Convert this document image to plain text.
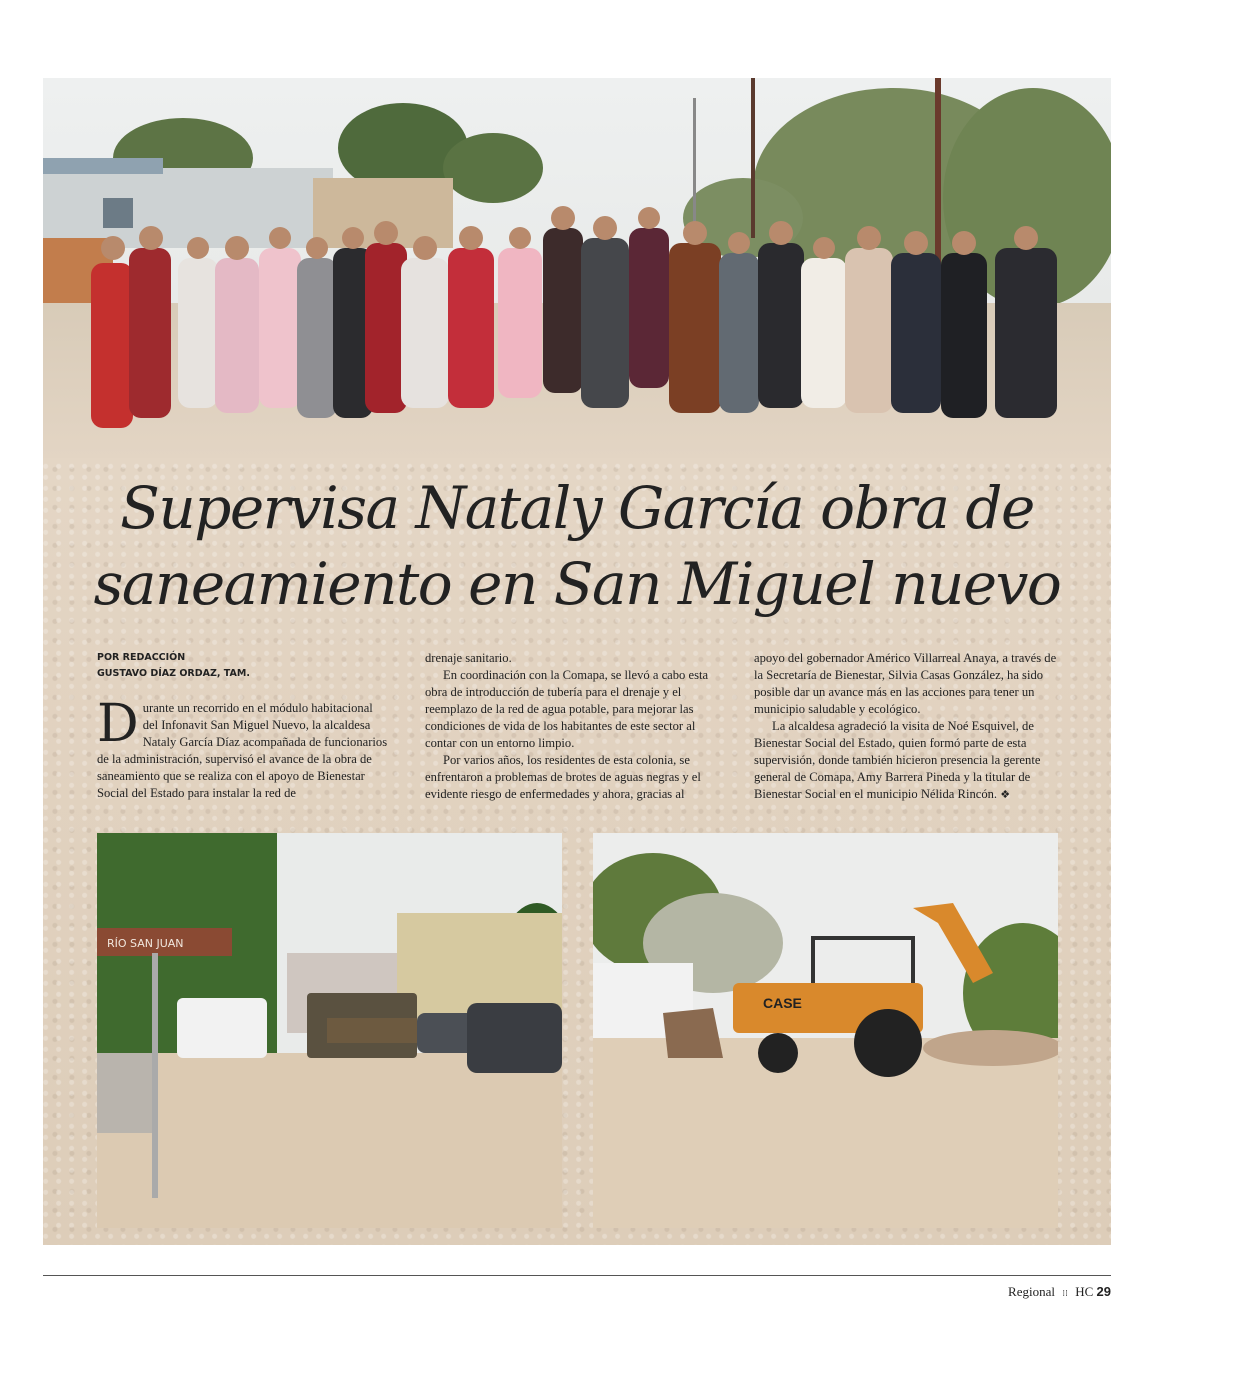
Supervisa Nataly García obra de
saneamiento en San Miguel nuevo
POR REDACCIÓN
GUSTAVO DÍAZ ORDAZ, TAM.
D urante un recorrido en el módulo habitacional del Infonavit San Miguel Nuevo, la alcaldesa Nataly García Díaz acompañada de funcionarios de la administración, supervisó el avance de la obra de saneamiento que se realiza con el apoyo de Bienestar Social del Estado para instalar la red de

drenaje sanitario.

En coordinación con la Comapa, se llevó a cabo esta obra de introducción de tubería para el drenaje y el reemplazo de la red de agua potable, para mejorar las condiciones de vida de los habitantes de este sector al contar con un entorno limpio.

Por varios años, los residentes de esta colonia, se enfrentaron a problemas de brotes de aguas negras y el evidente riesgo de enfermedades y ahora, gracias al

apoyo del gobernador Américo Villarreal Anaya, a través de la Secretaría de Bienestar, Silvia Casas González, ha sido posible dar un avance más en las acciones para tener un municipio saludable y ecológico.

La alcaldesa agradeció la visita de Noé Esquivel, de Bienestar Social del Estado, quien formó parte de esta supervisión, donde también hicieron presencia la gerente general de Comapa, Amy Barrera Pineda y la titular de Bienestar Social en el municipio Nélida Rincón. ❖

RÍO SAN JUAN
CASE
Regional ⁞⁞ HC 29
